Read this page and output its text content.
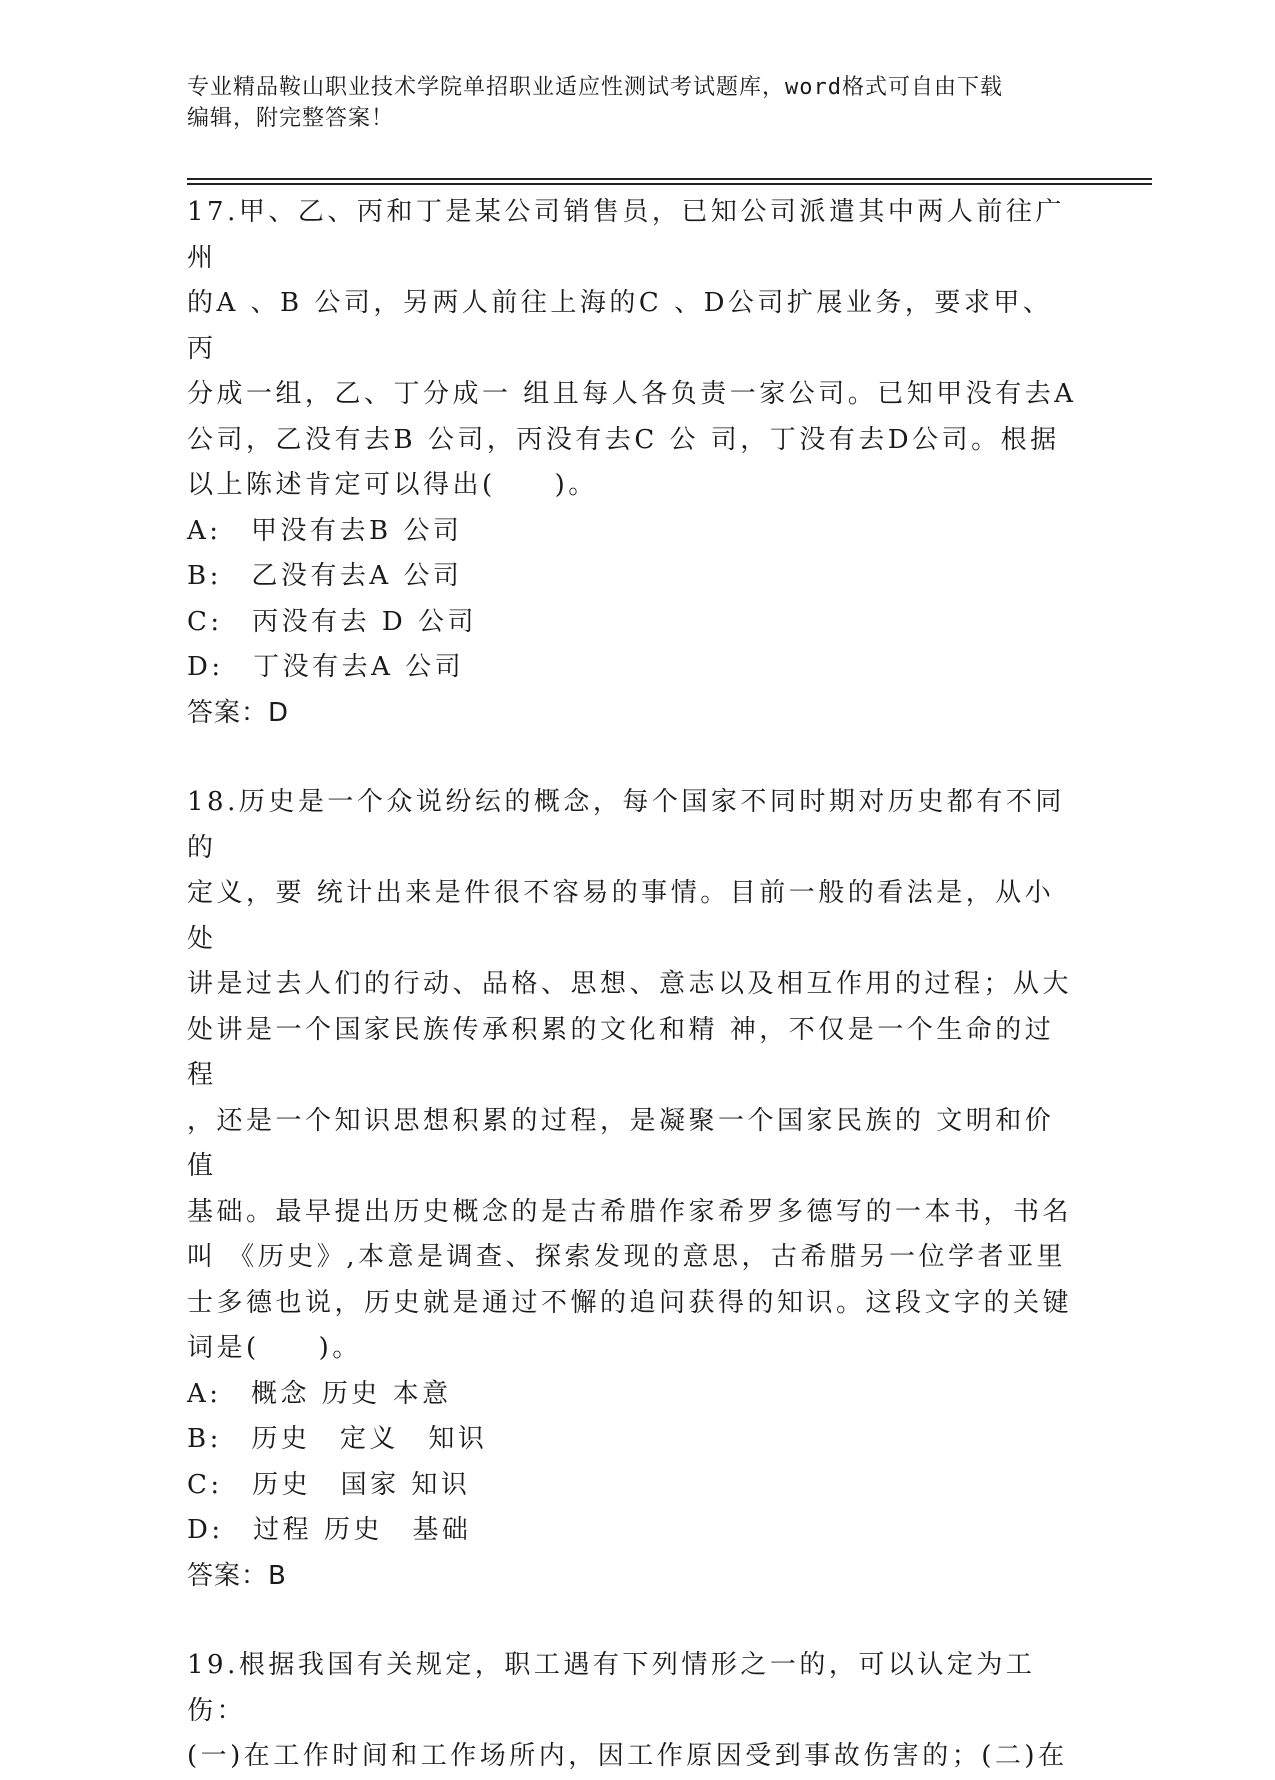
专业精品鞍山职业技术学院单招职业适应性测试考试题库，word格式可自由下载
编辑，附完整答案！

17.甲、乙、丙和丁是某公司销售员，已知公司派遣其中两人前往广州

的A 、B 公司，另两人前往上海的C 、D公司扩展业务，要求甲、丙

分成一组，乙、丁分成一 组且每人各负责一家公司。已知甲没有去A

公司，乙没有去B 公司，丙没有去C 公 司，丁没有去D公司。根据

以上陈述肯定可以得出(　　)。

A:　甲没有去B 公司

B:　乙没有去A 公司

C:　丙没有去 D 公司

D:　丁没有去A 公司

答案：D

18.历史是一个众说纷纭的概念，每个国家不同时期对历史都有不同的

定义，要 统计出来是件很不容易的事情。目前一般的看法是，从小处

讲是过去人们的行动、品格、思想、意志以及相互作用的过程；从大

处讲是一个国家民族传承积累的文化和精 神，不仅是一个生命的过程

，还是一个知识思想积累的过程，是凝聚一个国家民族的 文明和价值

基础。最早提出历史概念的是古希腊作家希罗多德写的一本书，书名

叫 《历史》,本意是调查、探索发现的意思，古希腊另一位学者亚里

士多德也说，历史就是通过不懈的追问获得的知识。这段文字的关键

词是(　　)。

A:　概念 历史 本意

B:　历史　定义　知识

C:　历史　国家 知识

D:　过程 历史　基础

答案：B

19.根据我国有关规定，职工遇有下列情形之一的，可以认定为工伤：

(一)在工作时间和工作场所内，因工作原因受到事故伤害的；(二)在
